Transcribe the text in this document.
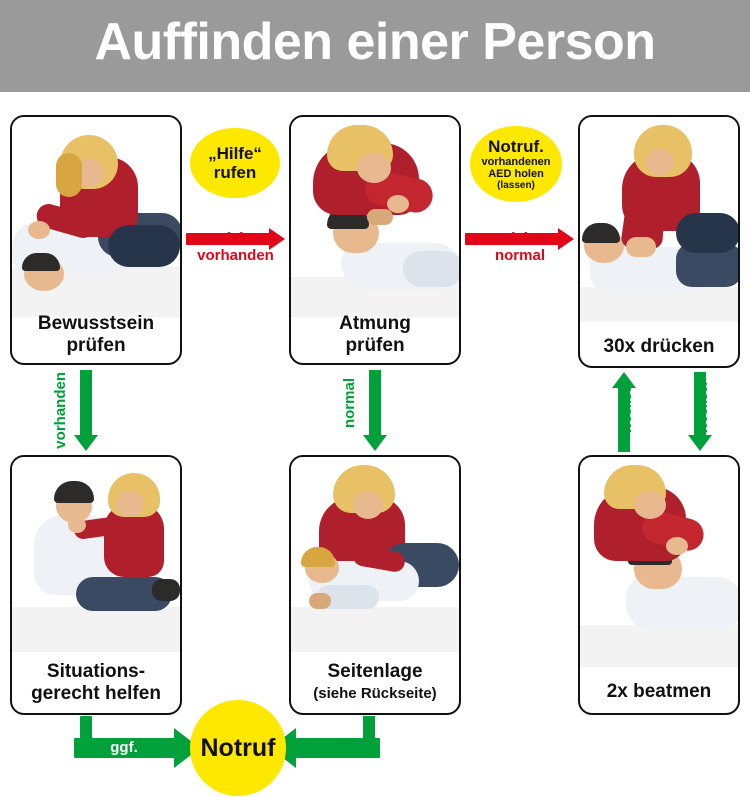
Auffinden einer Person
Bewusstsein
prüfen
Atmung
prüfen	30x drücken
Situations-
gerecht helfen
Seitenlage
(siehe Rückseite)	2x beatmen
nicht
vorhanden
nicht
normal
vorhanden	normal	Wechsel	Wechsel
ggf.
„Hilfe“
rufen
Notruf.
vorhandenen
AED holen
(lassen)
Notruf
